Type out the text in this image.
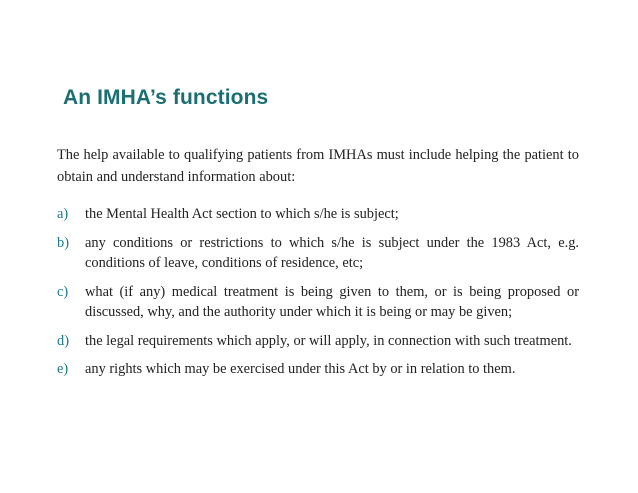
An IMHA’s functions
The help available to qualifying patients from IMHAs must include helping the patient to obtain and understand information about:
a) the Mental Health Act section to which s/he is subject;
b) any conditions or restrictions to which s/he is subject under the 1983 Act, e.g. conditions of leave, conditions of residence, etc;
c) what (if any) medical treatment is being given to them, or is being proposed or discussed, why, and the authority under which it is being or may be given;
d) the legal requirements which apply, or will apply, in connection with such treatment.
e) any rights which may be exercised under this Act by or in relation to them.
